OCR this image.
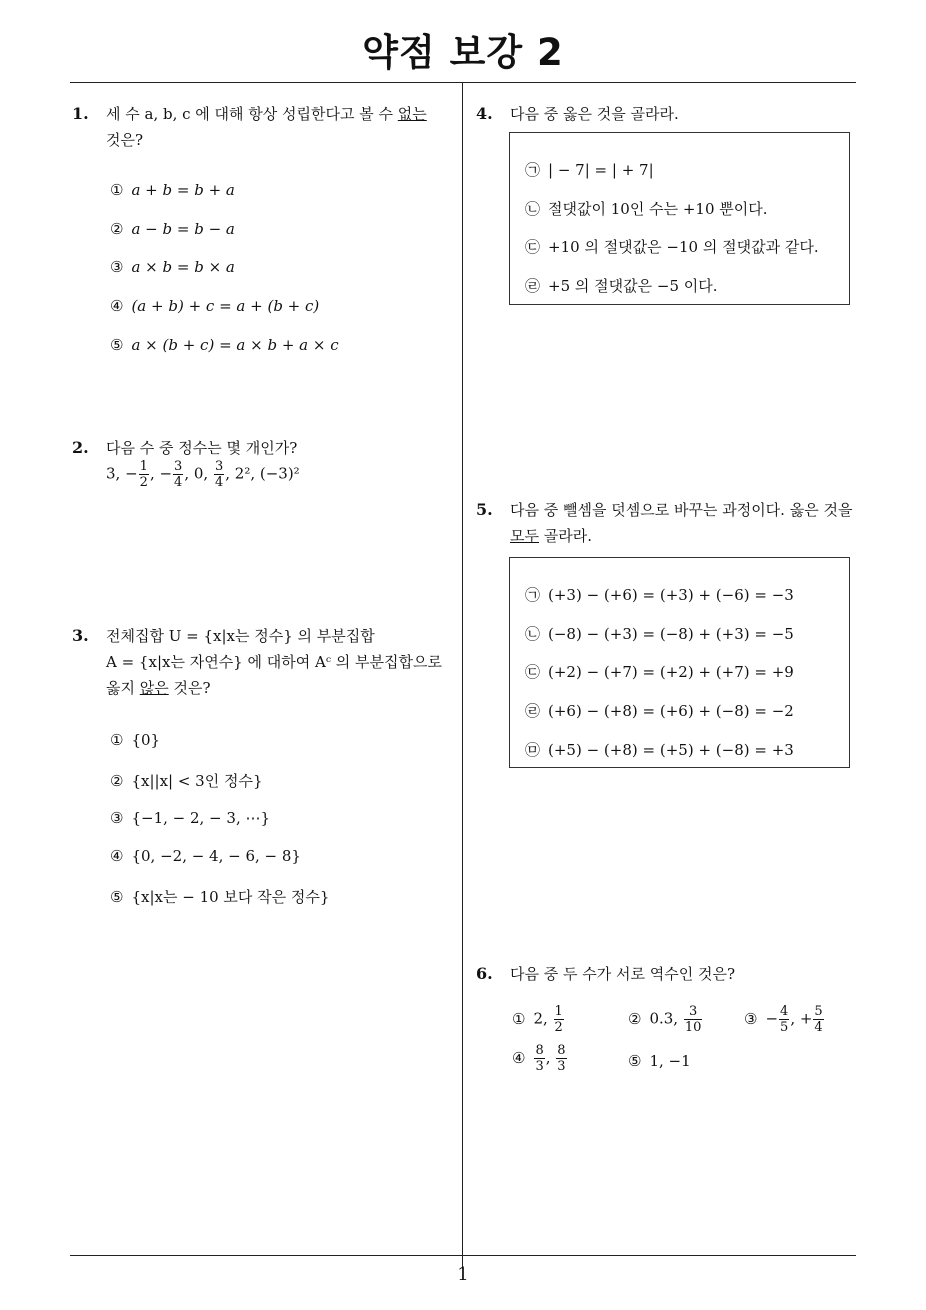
약점 보강 2
1
1. 세 수 a, b, c 에 대해 항상 성립한다고 볼 수 없는
것은?
① a + b = b + a
② a − b = b − a
③ a × b = b × a
④ (a + b) + c = a + (b + c)
⑤ a × (b + c) = a × b + a × c
2. 다음 수 중 정수는 몇 개인가?
3, − $\frac{1}{2}$ , − $\frac{3}{4}$ , 0, $\frac{3}{4}$ , 2², (−3)²
3. 전체집합 U = {x|x는 정수} 의 부분집합
A = {x|x는 자연수} 에 대하여 Aᶜ 의 부분집합으로
옳지 않은 것은?
① {0}
② {x||x| < 3인 정수}
③ {−1, − 2, − 3, ⋯}
④ {0, −2, − 4, − 6, − 8}
⑤ {x|x는 − 10 보다 작은 정수}
4. 다음 중 옳은 것을 골라라.
㉠ | − 7| = | + 7|
㉡ 절댓값이 10인 수는 +10 뿐이다.
㉢ +10 의 절댓값은 −10 의 절댓값과 같다.
㉣ +5 의 절댓값은 −5 이다.
5. 다음 중 뺄셈을 덧셈으로 바꾸는 과정이다. 옳은 것을
모두 골라라.
㉠ (+3) − (+6) = (+3) + (−6) = −3
㉡ (−8) − (+3) = (−8) + (+3) = −5
㉢ (+2) − (+7) = (+2) + (+7) = +9
㉣ (+6) − (+8) = (+6) + (−8) = −2
㉤ (+5) − (+8) = (+5) + (−8) = +3
6. 다음 중 두 수가 서로 역수인 것은?
① 2, $\frac{1}{2}$	② 0.3, $\frac{3}{10}$	③ − $\frac{4}{5}$ , + $\frac{5}{4}$
④ $\frac{8}{3}$ , $\frac{8}{3}$	⑤ 1, −1
